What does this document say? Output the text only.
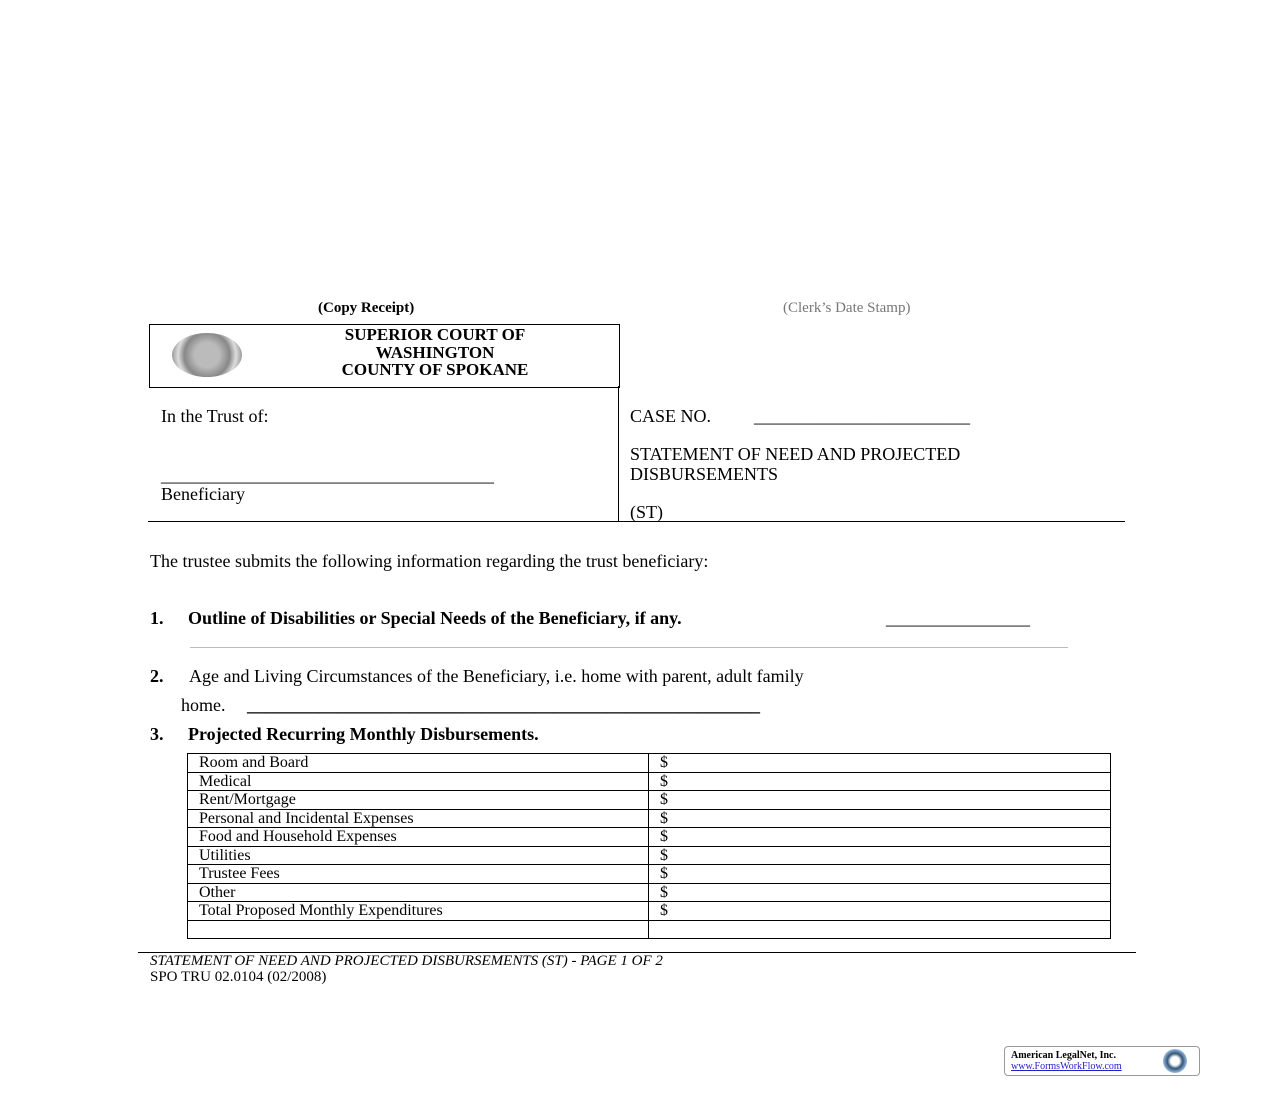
(Copy Receipt)	(Clerk’s Date Stamp)
SUPERIOR COURT OF
WASHINGTON
COUNTY OF SPOKANE
In the Trust of:
_____________________________________
Beneficiary
CASE NO. ________________________
STATEMENT OF NEED AND PROJECTED
DISBURSEMENTS
(ST)
The trustee submits the following information regarding the trust beneficiary:
1. Outline of Disabilities or Special Needs of the Beneficiary, if any.	________________
2. Age and Living Circumstances of the Beneficiary, i.e. home with parent, adult family
home. _________________________________________________________
3. Projected Recurring Monthly Disbursements.
Room and Board	$
Medical	$
Rent/Mortgage	$
Personal and Incidental Expenses	$
Food and Household Expenses	$
Utilities	$
Trustee Fees	$
Other	$
Total Proposed Monthly Expenditures	$

STATEMENT OF NEED AND PROJECTED DISBURSEMENTS (ST) - PAGE 1 OF 2
SPO TRU 02.0104 (02/2008)
American LegalNet, Inc.
www.FormsWorkFlow.com
